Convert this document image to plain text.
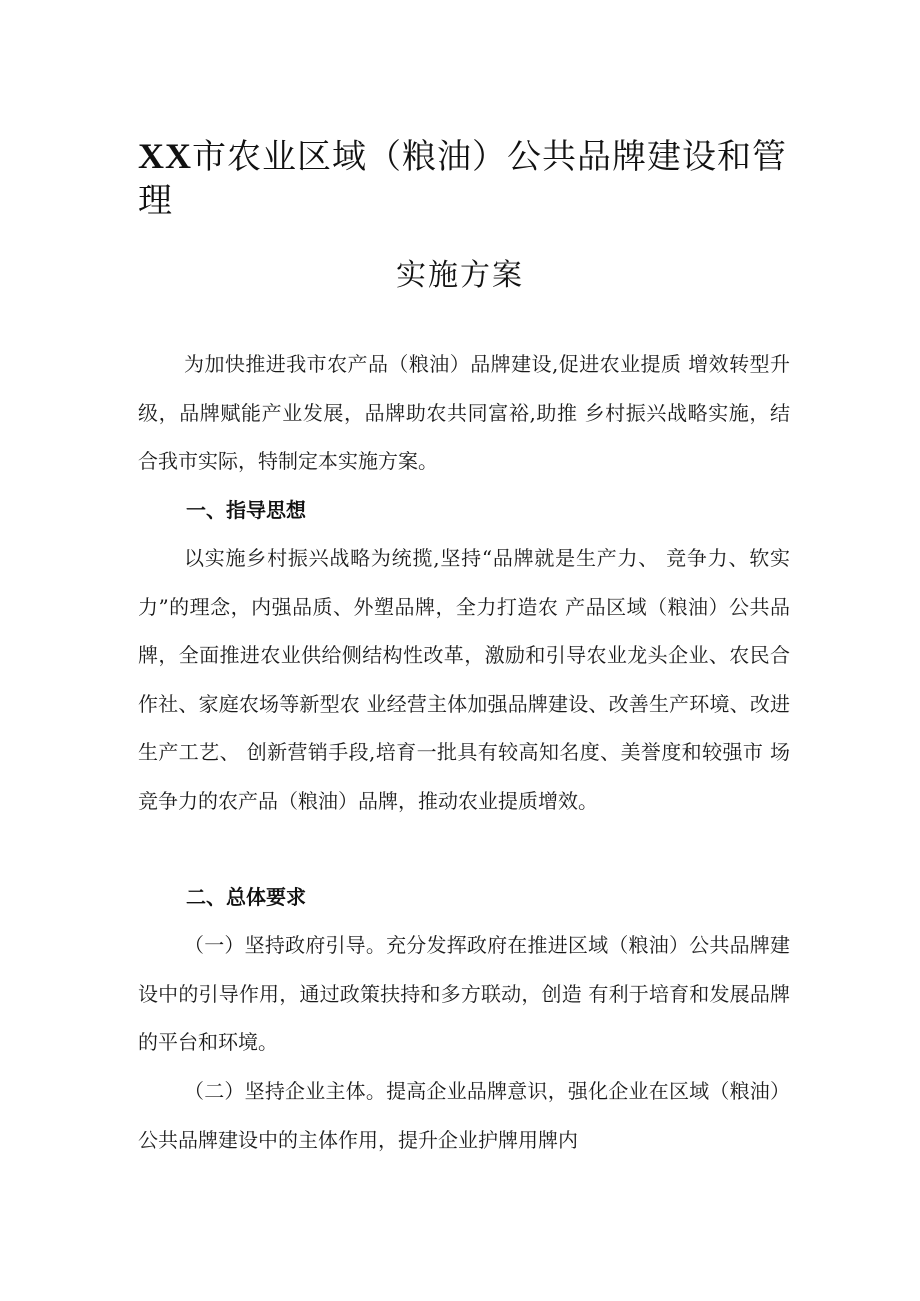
XX市农业区域（粮油）公共品牌建设和管理
实施方案
为加快推进我市农产品（粮油）品牌建设,促进农业提质 增效转型升级，品牌赋能产业发展，品牌助农共同富裕,助推 乡村振兴战略实施，结合我市实际，特制定本实施方案。
一、指导思想
以实施乡村振兴战略为统揽,坚持“品牌就是生产力、 竞争力、软实力”的理念，内强品质、外塑品牌，全力打造农 产品区域（粮油）公共品牌，全面推进农业供给侧结构性改革，激励和引导农业龙头企业、农民合作社、家庭农场等新型农 业经营主体加强品牌建设、改善生产环境、改进生产工艺、 创新营销手段,培育一批具有较高知名度、美誉度和较强市 场竞争力的农产品（粮油）品牌，推动农业提质增效。
二、总体要求
（一）坚持政府引导。充分发挥政府在推进区域（粮油）公共品牌建设中的引导作用，通过政策扶持和多方联动，创造 有利于培育和发展品牌的平台和环境。
（二）坚持企业主体。提高企业品牌意识，强化企业在区域（粮油）公共品牌建设中的主体作用，提升企业护牌用牌内
